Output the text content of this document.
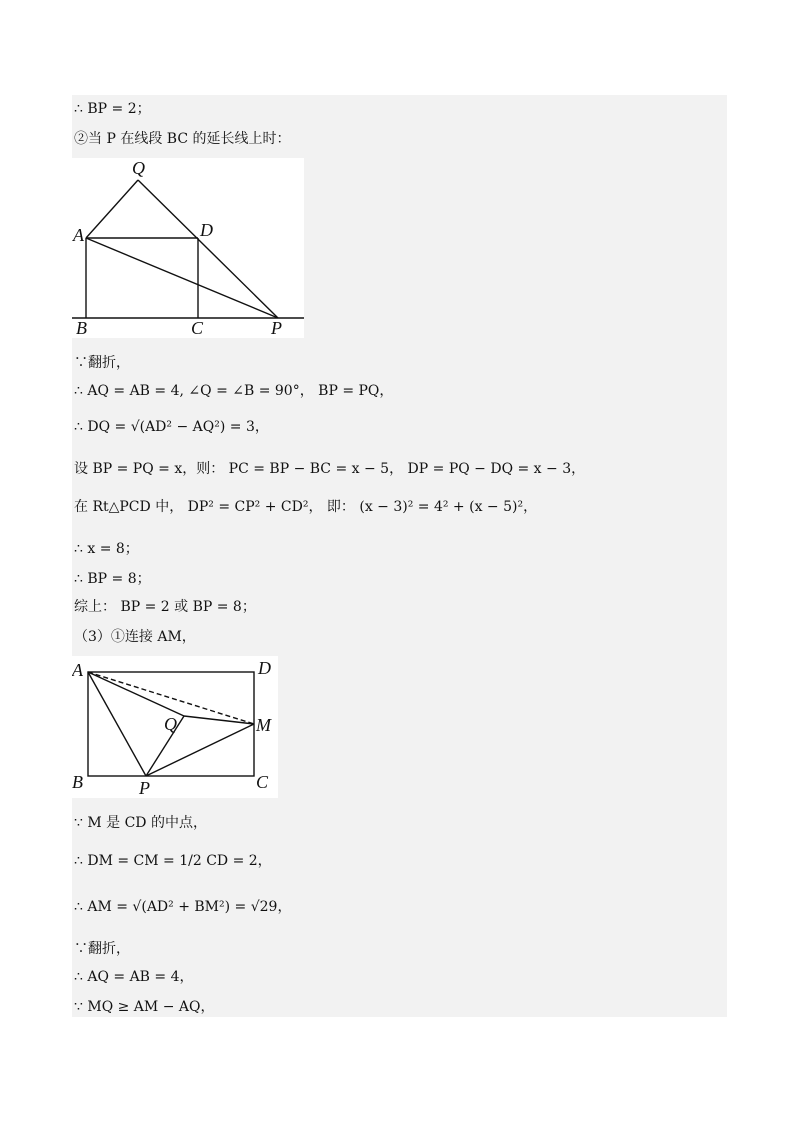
∴ BP = 2；
②当 P 在线段 BC 的延长线上时：
Q
A	D
B	C	P
∵翻折，
∴ AQ = AB = 4, ∠Q = ∠B = 90°， BP = PQ，
∴ DQ = √(AD² − AQ²) = 3，
设 BP = PQ = x，则： PC = BP − BC = x − 5， DP = PQ − DQ = x − 3，
在 Rt△PCD 中， DP² = CP² + CD²， 即： (x − 3)² = 4² + (x − 5)²，
∴ x = 8；
∴ BP = 8；
综上： BP = 2 或 BP = 8；
（3）①连接 AM，
A	D
Q	M
B	P	C
∵ M 是 CD 的中点，
∴ DM = CM = 1/2 CD = 2，
∴ AM = √(AD² + BM²) = √29，
∵翻折，
∴ AQ = AB = 4，
∵ MQ ≥ AM − AQ，
